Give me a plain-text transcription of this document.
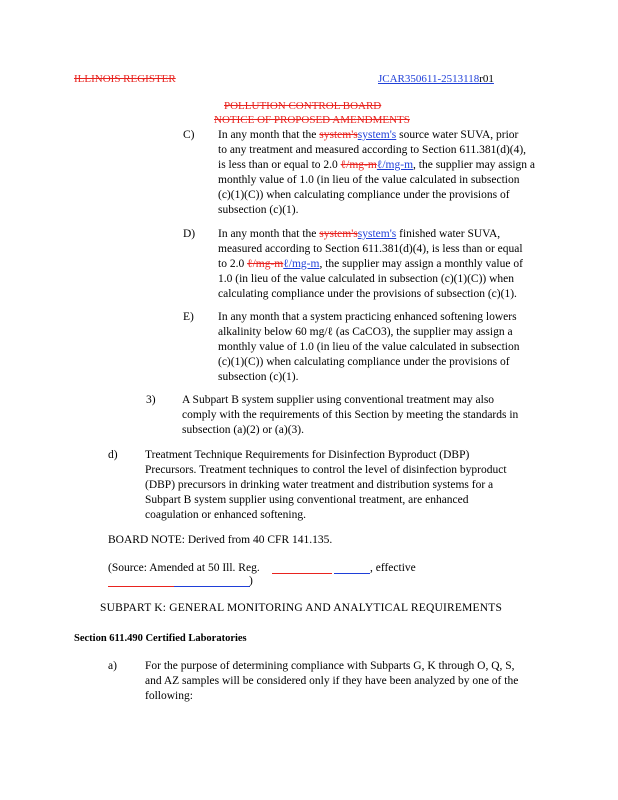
ILLINOIS REGISTER	JCAR350611-2513118r01
POLLUTION CONTROL BOARD
NOTICE OF PROPOSED AMENDMENTS
C) In any month that the system'ssystem's source water SUVA, prior
to any treatment and measured according to Section 611.381(d)(4),
is less than or equal to 2.0 ℓ/mg-mℓ/mg-m, the supplier may assign a
monthly value of 1.0 (in lieu of the value calculated in subsection
(c)(1)(C)) when calculating compliance under the provisions of
subsection (c)(1).
D) In any month that the system'ssystem's finished water SUVA,
measured according to Section 611.381(d)(4), is less than or equal
to 2.0 ℓ/mg-mℓ/mg-m, the supplier may assign a monthly value of
1.0 (in lieu of the value calculated in subsection (c)(1)(C)) when
calculating compliance under the provisions of subsection (c)(1).
E) In any month that a system practicing enhanced softening lowers
alkalinity below 60 mg/ℓ (as CaCO3), the supplier may assign a
monthly value of 1.0 (in lieu of the value calculated in subsection
(c)(1)(C)) when calculating compliance under the provisions of
subsection (c)(1).
3) A Subpart B system supplier using conventional treatment may also
comply with the requirements of this Section by meeting the standards in
subsection (a)(2) or (a)(3).
d) Treatment Technique Requirements for Disinfection Byproduct (DBP)
Precursors. Treatment techniques to control the level of disinfection byproduct
(DBP) precursors in drinking water treatment and distribution systems for a
Subpart B system supplier using conventional treatment, are enhanced
coagulation or enhanced softening.
BOARD NOTE: Derived from 40 CFR 141.135.
(Source: Amended at 50 Ill. Reg.	, effective
)
SUBPART K: GENERAL MONITORING AND ANALYTICAL REQUIREMENTS
Section 611.490 Certified Laboratories
a) For the purpose of determining compliance with Subparts G, K through O, Q, S,
and AZ samples will be considered only if they have been analyzed by one of the
following:
